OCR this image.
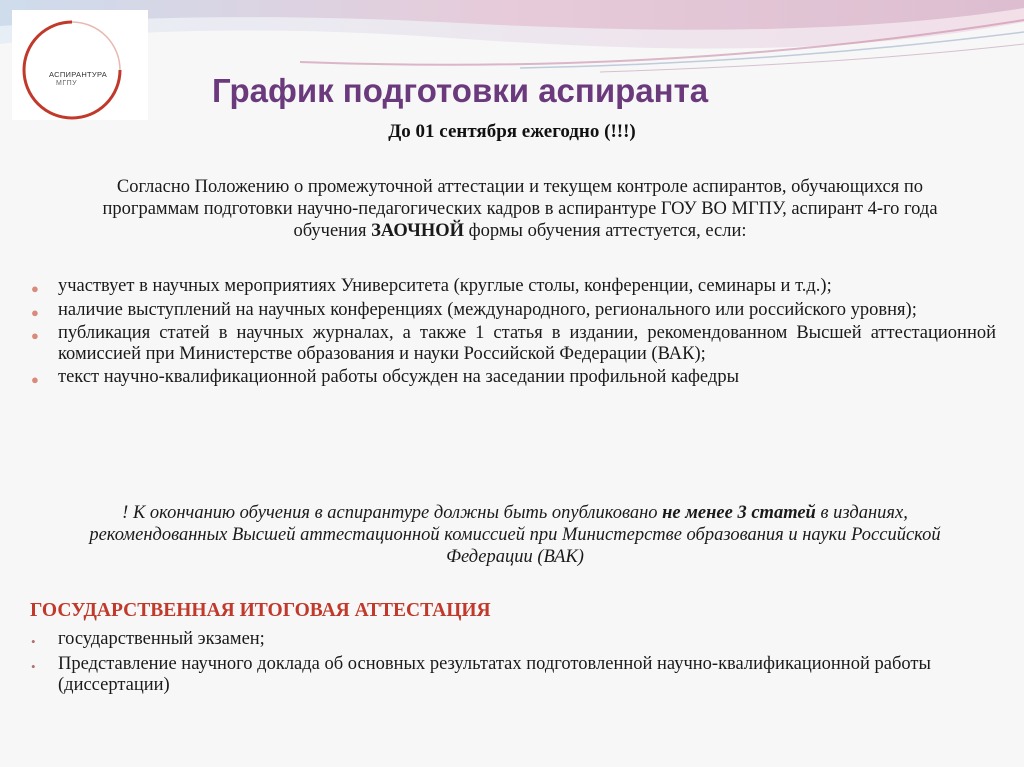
АСПИРАНТУРА
МГПУ	График подготовки аспиранта
До 01 сентября ежегодно (!!!)
Согласно Положению о промежуточной аттестации и текущем контроле аспирантов, обучающихся по программам подготовки научно-педагогических кадров в аспирантуре ГОУ ВО МГПУ, аспирант 4-го года обучения ЗАОЧНОЙ формы обучения аттестуется, если:
● участвует в научных мероприятиях Университета (круглые столы, конференции, семинары и т.д.);
● наличие выступлений на научных конференциях (международного, регионального или российского уровня);
● публикация статей в научных журналах, а также 1 статья в издании, рекомендованном Высшей аттестационной комиссией при Министерстве образования и науки Российской Федерации (ВАК);
● текст научно-квалификационной работы обсужден на заседании профильной кафедры
! К окончанию обучения в аспирантуре должны быть опубликовано не менее 3 статей в изданиях, рекомендованных Высшей аттестационной комиссией при Министерстве образования и науки Российской Федерации (ВАК)
ГОСУДАРСТВЕННАЯ ИТОГОВАЯ АТТЕСТАЦИЯ
• государственный экзамен;
• Представление научного доклада об основных результатах подготовленной научно-квалификационной работы (диссертации)
